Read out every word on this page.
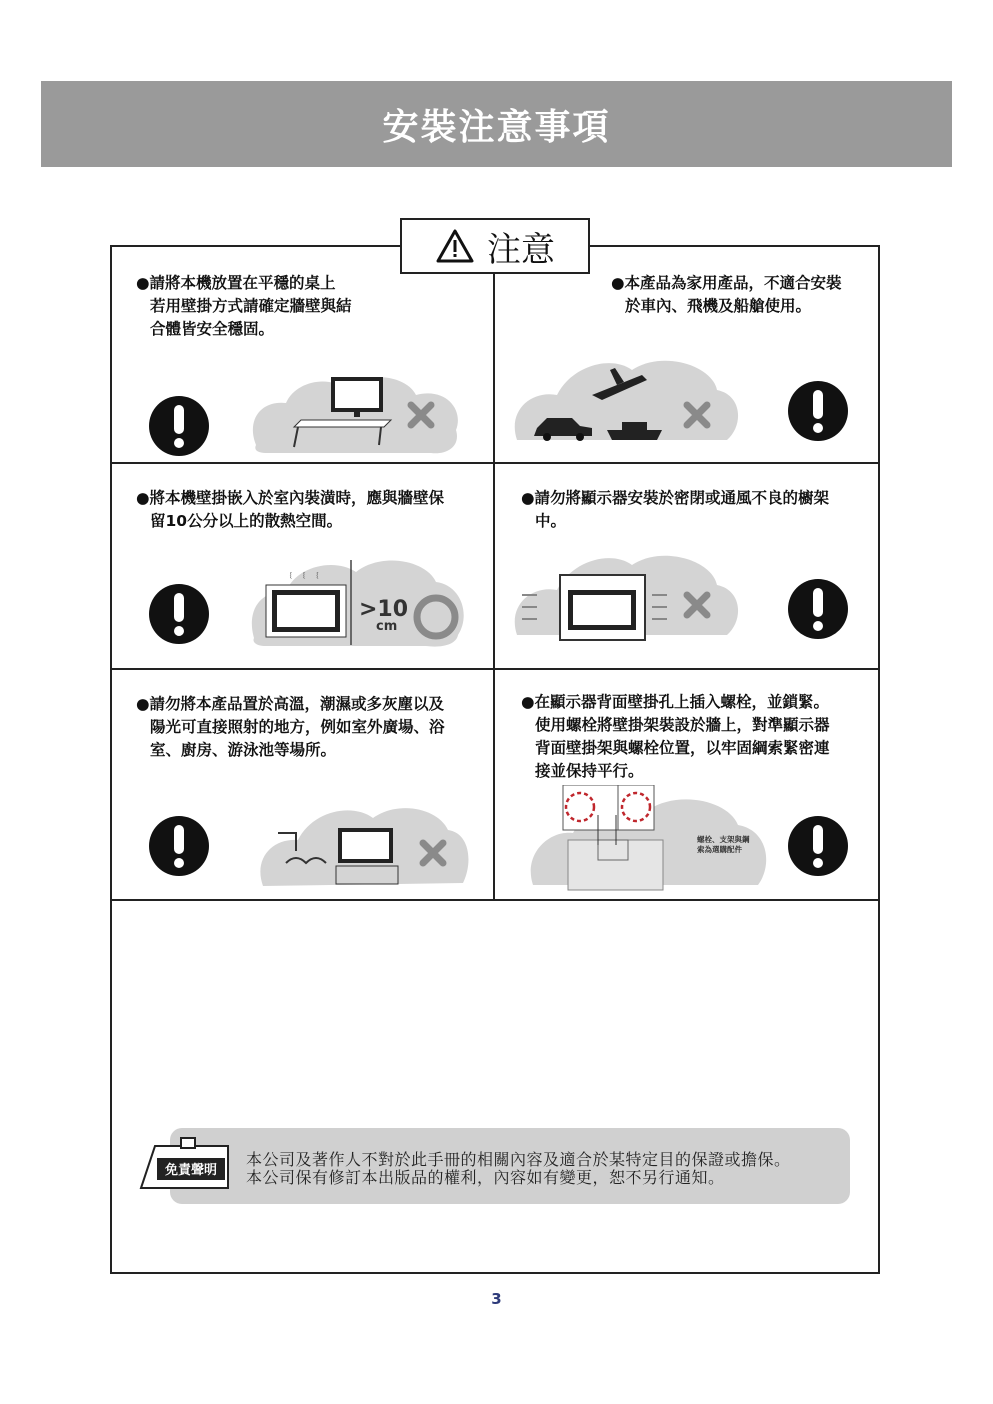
安裝注意事項
注意
●請將本機放置在平穩的桌上
若用壁掛方式請確定牆壁與結
合體皆安全穩固。
●本產品為家用產品，不適合安裝
於車內、飛機及船艙使用。
●將本機壁掛嵌入於室內裝潢時，應與牆壁保
留10公分以上的散熱空間。
●請勿將顯示器安裝於密閉或通風不良的櫥架
中。
●請勿將本產品置於高溫，潮濕或多灰塵以及
陽光可直接照射的地方，例如室外廣場、浴
室、廚房、游泳池等場所。
●在顯示器背面壁掛孔上插入螺栓，並鎖緊。
使用螺栓將壁掛架裝設於牆上，對準顯示器
背面壁掛架與螺栓位置，以牢固綱索緊密連
接並保持平行。
﹛ ﹛ ﹛
>10
cm
螺栓、支架與鋼
索為選購配件
免責聲明
本公司及著作人不對於此手冊的相關內容及適合於某特定目的保證或擔保。
本公司保有修訂本出版品的權利，內容如有變更，恕不另行通知。
3
